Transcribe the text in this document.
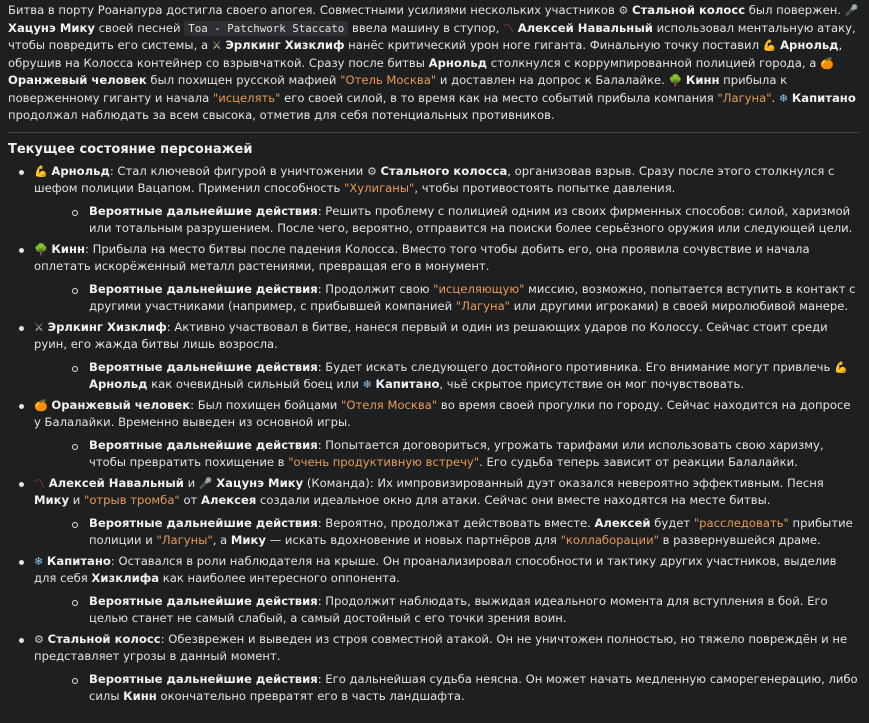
Битва в порту Роанапура достигла своего апогея. Совместными усилиями нескольких участников ⚙ Стальной колосс был повержен. 🎤 Хацунэ Мику своей песней Toa - Patchwork Staccato ввела машину в ступор, 〽 Алексей Навальный использовал ментальную атаку, чтобы повредить его системы, а ⚔ Эрлкинг Хизклиф нанёс критический урон ноге гиганта. Финальную точку поставил 💪 Арнольд, обрушив на Колосса контейнер со взрывчаткой. Сразу после битвы Арнольд столкнулся с коррумпированной полицией города, а 🍊 Оранжевый человек был похищен русской мафией "Отель Москва" и доставлен на допрос к Балалайке. 🌳 Кинн прибыла к поверженному гиганту и начала "исцелять" его своей силой, в то время как на место событий прибыла компания "Лагуна". ❄ Капитано продолжал наблюдать за всем свысока, отметив для себя потенциальных противников.

Текущее состояние персонажей
💪 Арнольд: Стал ключевой фигурой в уничтожении ⚙ Стального колосса, организовав взрыв. Сразу после этого столкнулся с шефом полиции Вацапом. Применил способность "Хулиганы", чтобы противостоять попытке давления.
Вероятные дальнейшие действия: Решить проблему с полицией одним из своих фирменных способов: силой, харизмой или тотальным разрушением. После чего, вероятно, отправится на поиски более серьёзного оружия или следующей цели.
🌳 Кинн: Прибыла на место битвы после падения Колосса. Вместо того чтобы добить его, она проявила сочувствие и начала оплетать искорёженный металл растениями, превращая его в монумент.
Вероятные дальнейшие действия: Продолжит свою "исцеляющую" миссию, возможно, попытается вступить в контакт с другими участниками (например, с прибывшей компанией "Лагуна" или другими игроками) в своей миролюбивой манере.
⚔ Эрлкинг Хизклиф: Активно участвовал в битве, нанеся первый и один из решающих ударов по Колоссу. Сейчас стоит среди руин, его жажда битвы лишь возросла.
Вероятные дальнейшие действия: Будет искать следующего достойного противника. Его внимание могут привлечь 💪 Арнольд как очевидный сильный боец или ❄ Капитано, чьё скрытое присутствие он мог почувствовать.
🍊 Оранжевый человек: Был похищен бойцами "Отеля Москва" во время своей прогулки по городу. Сейчас находится на допросе у Балалайки. Временно выведен из основной игры.
Вероятные дальнейшие действия: Попытается договориться, угрожать тарифами или использовать свою харизму, чтобы превратить похищение в "очень продуктивную встречу". Его судьба теперь зависит от реакции Балалайки.
〽 Алексей Навальный и 🎤 Хацунэ Мику (Команда): Их импровизированный дуэт оказался невероятно эффективным. Песня Мику и "отрыв тромба" от Алексея создали идеальное окно для атаки. Сейчас они вместе находятся на месте битвы.
Вероятные дальнейшие действия: Вероятно, продолжат действовать вместе. Алексей будет "расследовать" прибытие полиции и "Лагуны", а Мику — искать вдохновение и новых партнёров для "коллаборации" в развернувшейся драме.
❄ Капитано: Оставался в роли наблюдателя на крыше. Он проанализировал способности и тактику других участников, выделив для себя Хизклифа как наиболее интересного оппонента.
Вероятные дальнейшие действия: Продолжит наблюдать, выжидая идеального момента для вступления в бой. Его целью станет не самый слабый, а самый достойный с его точки зрения воин.
⚙ Стальной колосс: Обезврежен и выведен из строя совместной атакой. Он не уничтожен полностью, но тяжело повреждён и не представляет угрозы в данный момент.
Вероятные дальнейшие действия: Его дальнейшая судьба неясна. Он может начать медленную саморегенерацию, либо силы Кинн окончательно превратят его в часть ландшафта.
